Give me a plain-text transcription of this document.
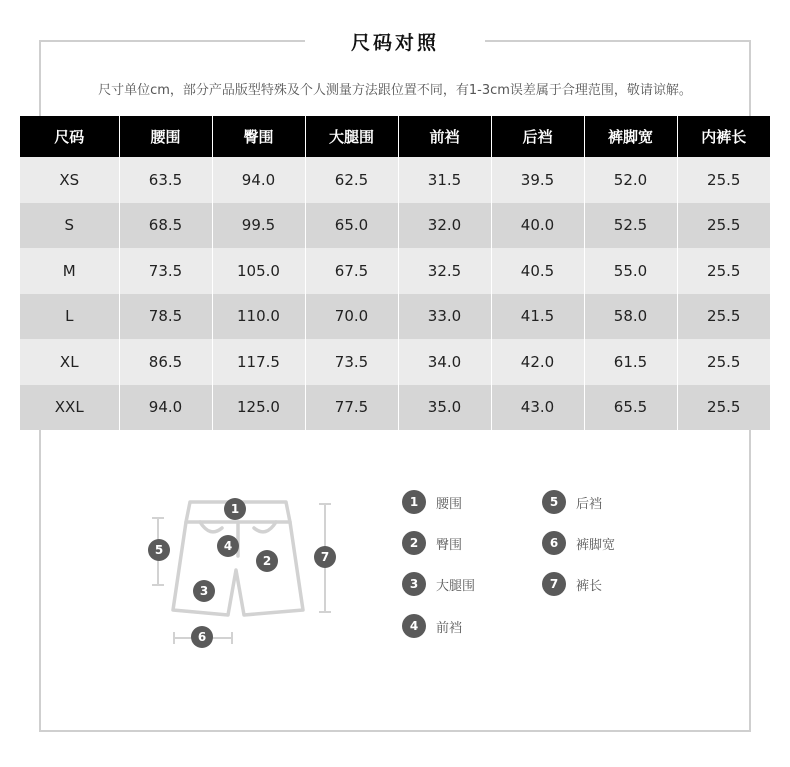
尺码对照
尺寸单位cm，部分产品版型特殊及个人测量方法跟位置不同，有1-3cm误差属于合理范围，敬请谅解。
尺码	腰围	臀围	大腿围	前裆	后裆	裤脚宽	内裤长
XS	63.5	94.0	62.5	31.5	39.5	52.0	25.5
S	68.5	99.5	65.0	32.0	40.0	52.5	25.5
M	73.5	105.0	67.5	32.5	40.5	55.0	25.5
L	78.5	110.0	70.0	33.0	41.5	58.0	25.5
XL	86.5	117.5	73.5	34.0	42.0	61.5	25.5
XXL	94.0	125.0	77.5	35.0	43.0	65.5	25.5
1
2
3
4
5
6
7
1	腰围
2	臀围
3	大腿围
4	前裆
5	后裆
6	裤脚宽
7	裤长
